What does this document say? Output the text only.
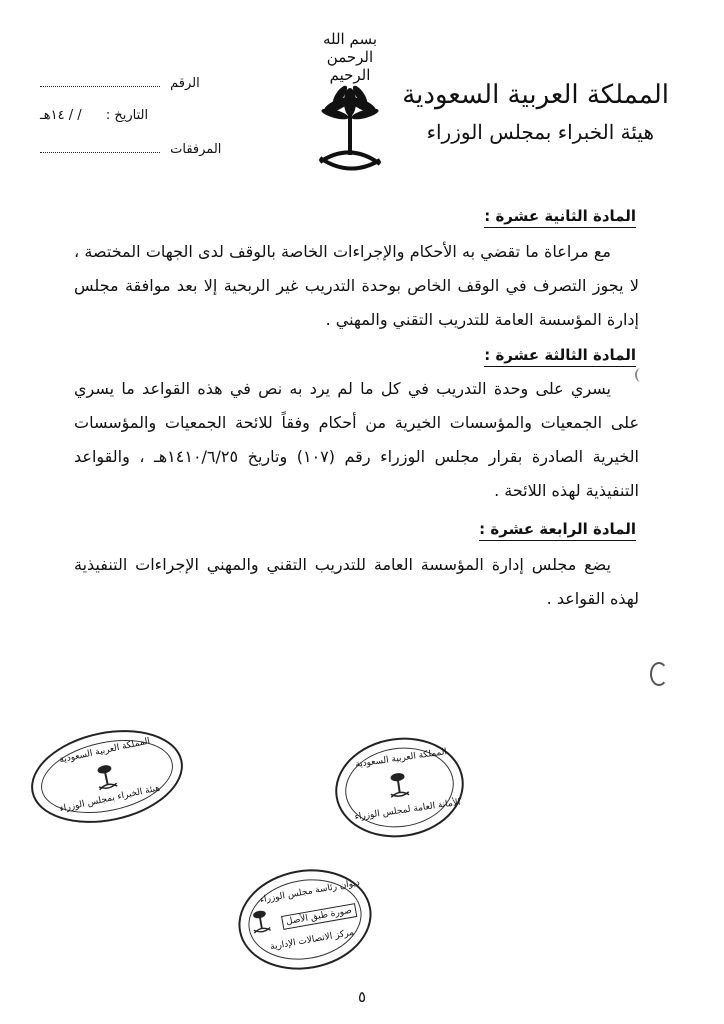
بسم الله الرحمن الرحيم
المملكة العربية السعودية
هيئة الخبراء بمجلس الوزراء
الرقم
التاريخ : / / ١٤هـ
المرفقات
المادة الثانية عشرة :
مع مراعاة ما تقضي به الأحكام والإجراءات الخاصة بالوقف لدى الجهات المختصة ، لا يجوز التصرف في الوقف الخاص بوحدة التدريب غير الربحية إلا بعد موافقة مجلس إدارة المؤسسة العامة للتدريب التقني والمهني .
المادة الثالثة عشرة :
يسري على وحدة التدريب في كل ما لم يرد به نص في هذه القواعد ما يسري على الجمعيات والمؤسسات الخيرية من أحكام وفقاً للائحة الجمعيات والمؤسسات الخيرية الصادرة بقرار مجلس الوزراء رقم (١٠٧) وتاريخ ١٤١٠/٦/٢٥هـ ، والقواعد التنفيذية لهذه اللائحة .
المادة الرابعة عشرة :
يضع مجلس إدارة المؤسسة العامة للتدريب التقني والمهني الإجراءات التنفيذية لهذه القواعد .
المملكة العربية السعودية
هيئة الخبراء بمجلس الوزراء
المملكة العربية السعودية
الأمانة العامة لمجلس الوزراء
ديوان رئاسة مجلس الوزراء
صورة طبق الأصل
مركز الاتصالات الإدارية
٥
